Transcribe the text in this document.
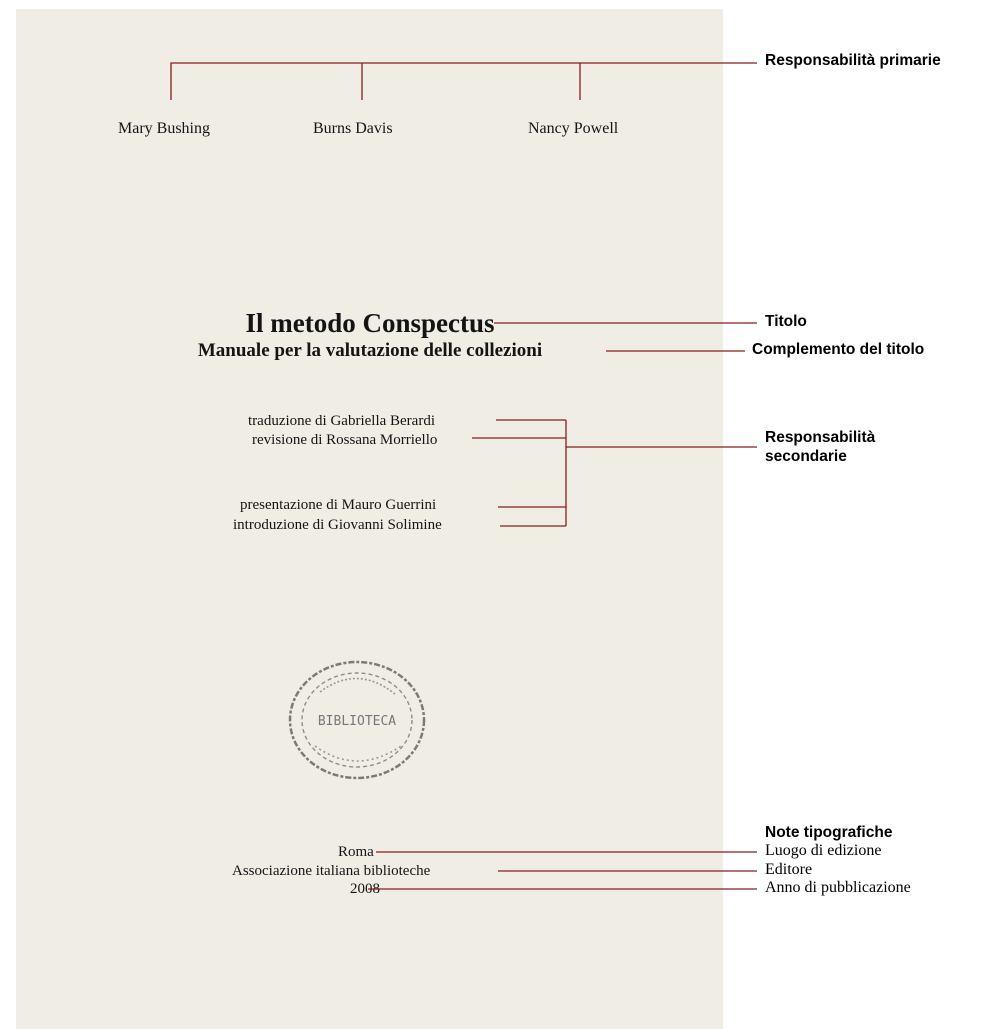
Mary Bushing	Burns Davis	Nancy Powell
Il metodo Conspectus
Manuale per la valutazione delle collezioni
traduzione di Gabriella Berardi
revisione di Rossana Morriello
presentazione di Mauro Guerrini
introduzione di Giovanni Solimine
BIBLIOTECA
Roma
Associazione italiana biblioteche
2008
Responsabilità primarie
Titolo
Complemento del titolo
Responsabilità
secondarie
Note tipografiche
Luogo di edizione
Editore
Anno di pubblicazione
